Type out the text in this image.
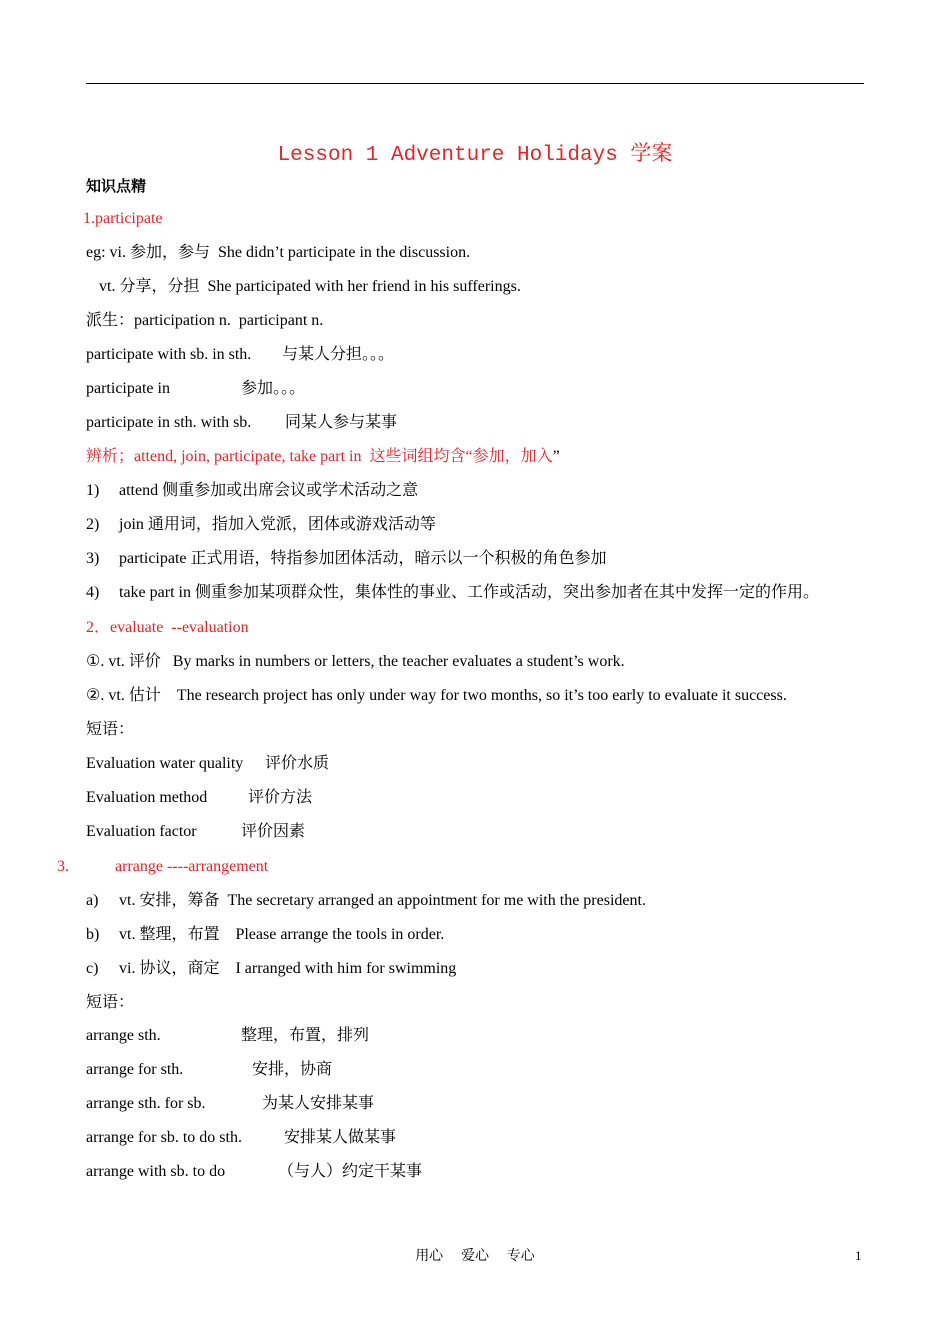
Lesson 1 Adventure Holidays 学案
知识点精
1.participate
eg: vi. 参加，参与  She didn’t participate in the discussion.
vt. 分享，分担  She participated with her friend in his sufferings.
派生：participation n.  participant n.
participate with sb. in sth. 与某人分担。。。
participate in	参加。。。
participate in sth. with sb. 同某人参与某事
辨析；attend, join, participate, take part in  这些词组均含“参加，加入”
1) attend 侧重参加或出席会议或学术活动之意
2) join 通用词，指加入党派，团体或游戏活动等
3) participate 正式用语，特指参加团体活动，暗示以一个积极的角色参加
4) take part in 侧重参加某项群众性，集体性的事业、工作或活动，突出参加者在其中发挥一定的作用。
2．evaluate  --evaluation
①. vt. 评价   By marks in numbers or letters, the teacher evaluates a student’s work.
②. vt. 估计    The research project has only under way for two months, so it’s too early to evaluate it success.
短语：
Evaluation water quality 评价水质
Evaluation method	评价方法
Evaluation factor	评价因素
3.	arrange ----arrangement
a) vt. 安排，筹备  The secretary arranged an appointment for me with the president.
b) vt. 整理，布置    Please arrange the tools in order.
c) vi. 协议，商定    I arranged with him for swimming
短语：
arrange sth.	整理，布置，排列
arrange for sth.	安排，协商
arrange sth. for sb.	为某人安排某事
arrange for sb. to do sth.	安排某人做某事
arrange with sb. to do	（与人）约定干某事
用心    爱心    专心	1
